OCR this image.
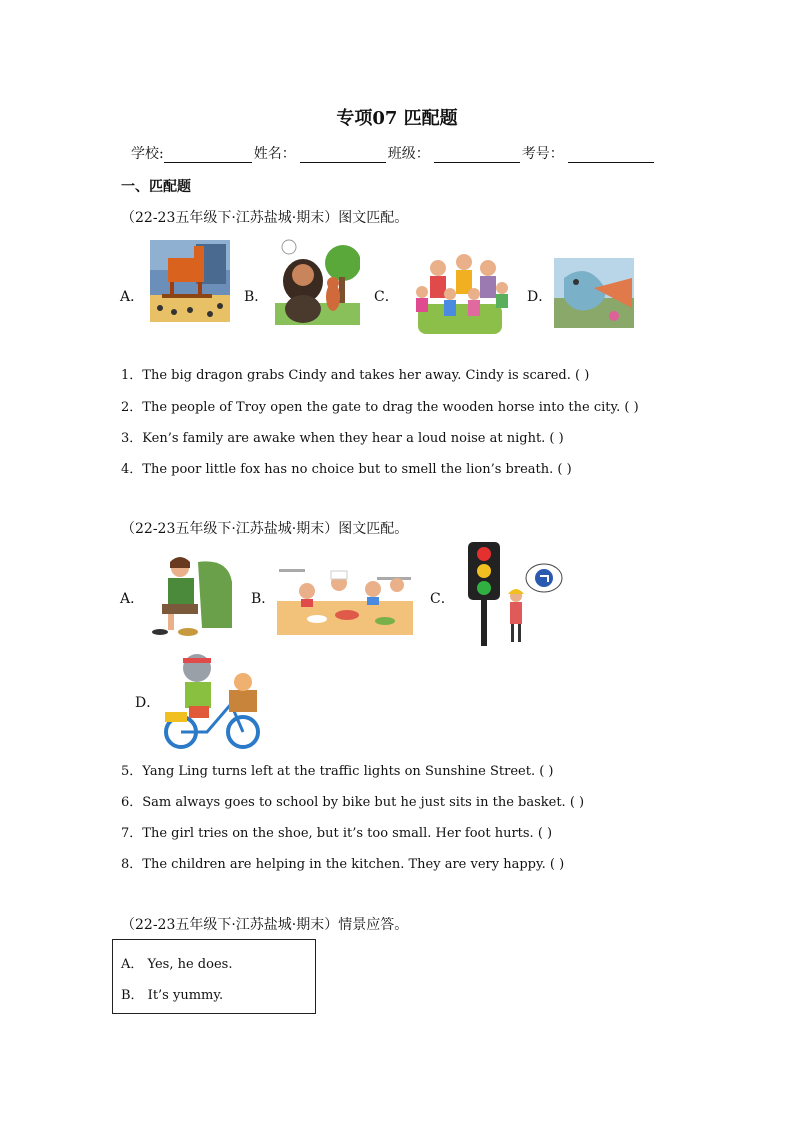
专项07 匹配题
学校:	姓名：	班级：	考号：
一、匹配题
（22-23五年级下·江苏盐城·期末）图文匹配。
A．	B．	C．	D．
1．The big dragon grabs Cindy and takes her away. Cindy is scared. ( )
2．The people of Troy open the gate to drag the wooden horse into the city. ( )
3．Ken’s family are awake when they hear a loud noise at night. ( )
4．The poor little fox has no choice but to smell the lion’s breath. ( )
（22-23五年级下·江苏盐城·期末）图文匹配。
A．	B．	C．
D．
5．Yang Ling turns left at the traffic lights on Sunshine Street. ( )
6．Sam always goes to school by bike but he just sits in the basket. ( )
7．The girl tries on the shoe, but it’s too small. Her foot hurts. ( )
8．The children are helping in the kitchen. They are very happy. ( )
（22-23五年级下·江苏盐城·期末）情景应答。
A． Yes, he does.
B． It’s yummy.
